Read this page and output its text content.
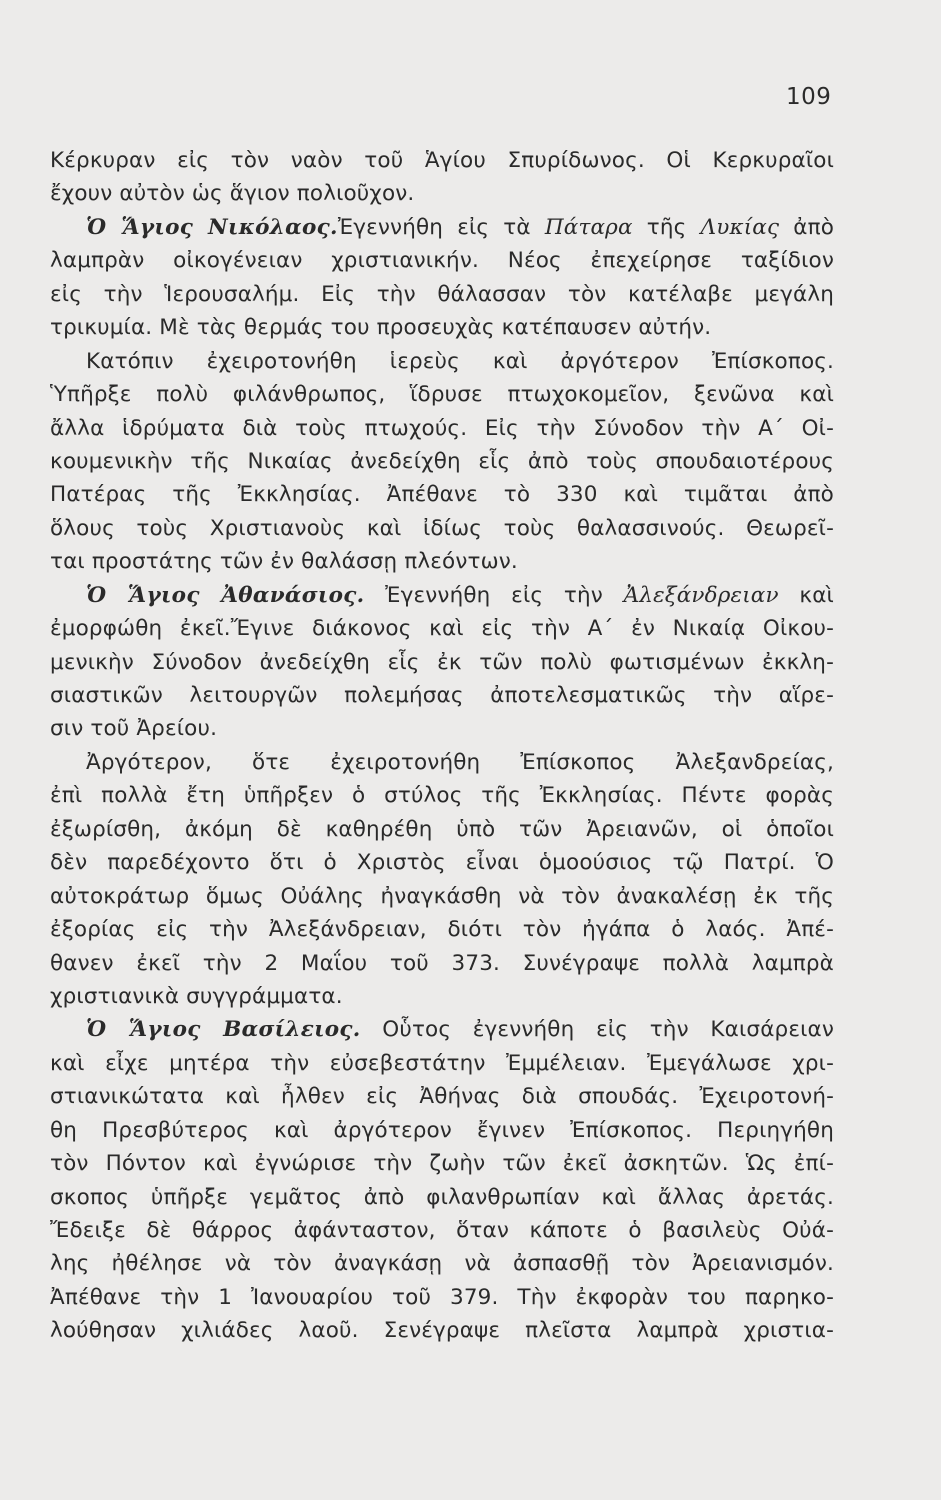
109
Κέρκυραν εἰς τὸν ναὸν τοῦ Ἁγίου Σπυρίδωνος. Οἱ Κερκυραῖοι
ἔχουν αὐτὸν ὡς ἅγιον πολιοῦχον.
Ὁ Ἅγιος Νικόλαος.Ἐγεννήθη εἰς τὰ Πάταρα τῆς Λυκίας ἀπὸ
λαμπρὰν οἰκογένειαν χριστιανικήν. Νέος ἐπεχείρησε ταξίδιον
εἰς τὴν Ἱερουσαλήμ. Εἰς τὴν θάλασσαν τὸν κατέλαβε μεγάλη
τρικυμία. Μὲ τὰς θερμάς του προσευχὰς κατέπαυσεν αὐτήν.
Κατόπιν ἐχειροτονήθη ἱερεὺς καὶ ἀργότερον Ἐπίσκοπος.
Ὑπῆρξε πολὺ φιλάνθρωπος, ἵδρυσε πτωχοκομεῖον, ξενῶνα καὶ
ἄλλα ἱδρύματα διὰ τοὺς πτωχούς. Εἰς τὴν Σύνοδον τὴν Α΄ Οἰ-
κουμενικὴν τῆς Νικαίας ἀνεδείχθη εἷς ἀπὸ τοὺς σπουδαιοτέρους
Πατέρας τῆς Ἐκκλησίας. Ἀπέθανε τὸ 330 καὶ τιμᾶται ἀπὸ
ὅλους τοὺς Χριστιανοὺς καὶ ἰδίως τοὺς θαλασσινούς. Θεωρεῖ-
ται προστάτης τῶν ἐν θαλάσσῃ πλεόντων.
Ὁ Ἅγιος Ἀθανάσιος. Ἐγεννήθη εἰς τὴν Ἀλεξάνδρειαν καὶ
ἐμορφώθη ἐκεῖ.Ἔγινε διάκονος καὶ εἰς τὴν Α΄ ἐν Νικαίᾳ Οἰκου-
μενικὴν Σύνοδον ἀνεδείχθη εἷς ἐκ τῶν πολὺ φωτισμένων ἐκκλη-
σιαστικῶν λειτουργῶν πολεμήσας ἀποτελεσματικῶς τὴν αἵρε-
σιν τοῦ Ἀρείου.
Ἀργότερον, ὅτε ἐχειροτονήθη Ἐπίσκοπος Ἀλεξανδρείας,
ἐπὶ πολλὰ ἔτη ὑπῆρξεν ὁ στύλος τῆς Ἐκκλησίας. Πέντε φορὰς
ἐξωρίσθη, ἀκόμη δὲ καθηρέθη ὑπὸ τῶν Ἀρειανῶν, οἱ ὁποῖοι
δὲν παρεδέχοντο ὅτι ὁ Χριστὸς εἶναι ὁμοούσιος τῷ Πατρί. Ὁ
αὐτοκράτωρ ὅμως Οὐάλης ἠναγκάσθη νὰ τὸν ἀνακαλέσῃ ἐκ τῆς
ἐξορίας εἰς τὴν Ἀλεξάνδρειαν, διότι τὸν ἠγάπα ὁ λαός. Ἀπέ-
θανεν ἐκεῖ τὴν 2 Μαΐου τοῦ 373. Συνέγραψε πολλὰ λαμπρὰ
χριστιανικὰ συγγράμματα.
Ὁ Ἅγιος Βασίλειος. Οὗτος ἐγεννήθη εἰς τὴν Καισάρειαν
καὶ εἶχε μητέρα τὴν εὐσεβεστάτην Ἐμμέλειαν. Ἐμεγάλωσε χρι-
στιανικώτατα καὶ ἦλθεν εἰς Ἀθήνας διὰ σπουδάς. Ἐχειροτονή-
θη Πρεσβύτερος καὶ ἀργότερον ἔγινεν Ἐπίσκοπος. Περιηγήθη
τὸν Πόντον καὶ ἐγνώρισε τὴν ζωὴν τῶν ἐκεῖ ἀσκητῶν. Ὡς ἐπί-
σκοπος ὑπῆρξε γεμᾶτος ἀπὸ φιλανθρωπίαν καὶ ἄλλας ἀρετάς.
Ἔδειξε δὲ θάρρος ἀφάνταστον, ὅταν κάποτε ὁ βασιλεὺς Οὐά-
λης ἠθέλησε νὰ τὸν ἀναγκάσῃ νὰ ἀσπασθῇ τὸν Ἀρειανισμόν.
Ἀπέθανε τὴν 1 Ἰανουαρίου τοῦ 379. Τὴν ἐκφορὰν του παρηκο-
λούθησαν χιλιάδες λαοῦ. Σενέγραψε πλεῖστα λαμπρὰ χριστια-
